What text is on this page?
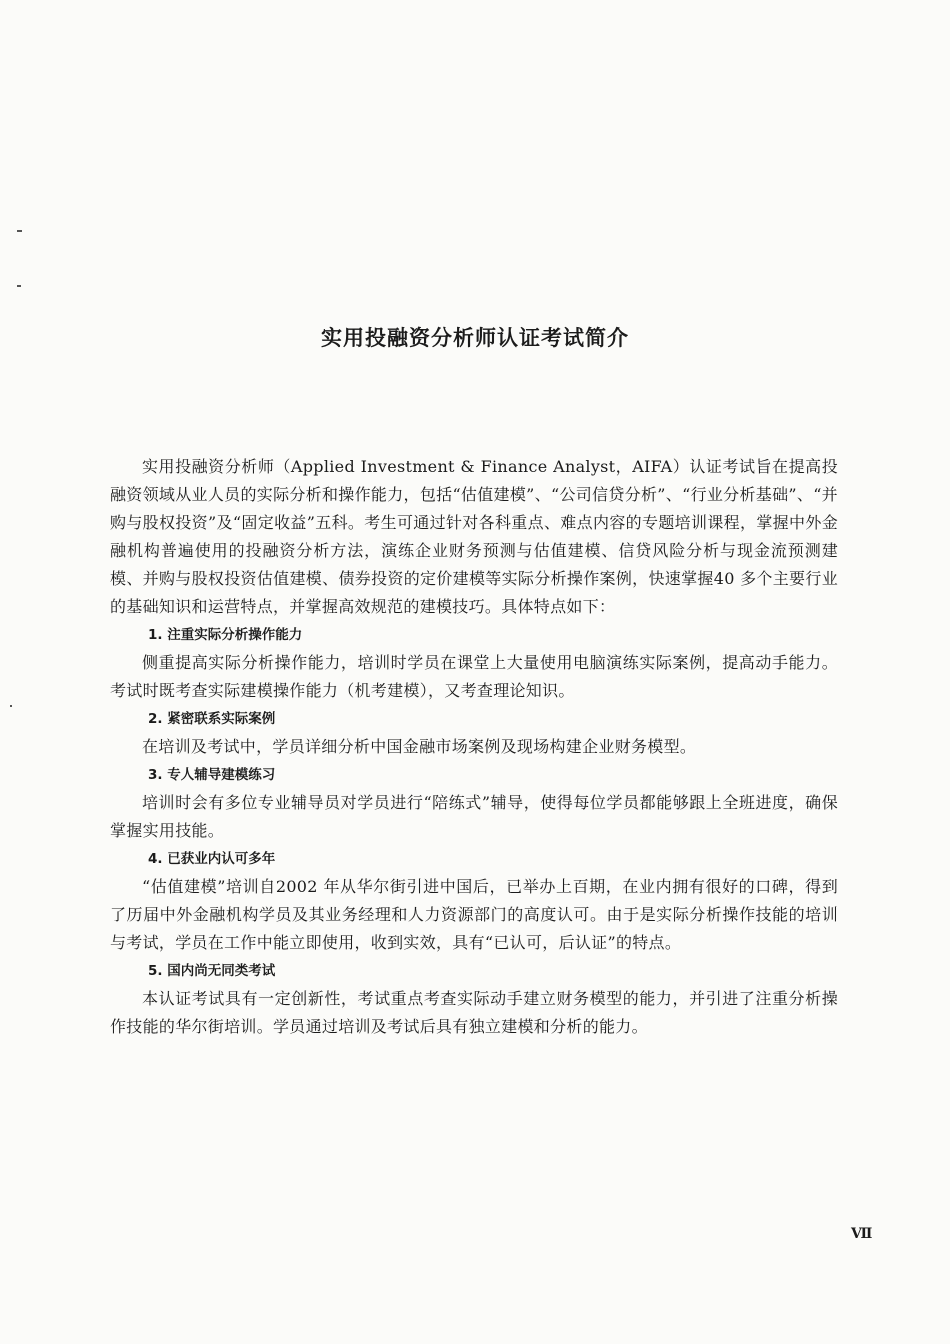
实用投融资分析师认证考试简介

实用投融资分析师（Applied Investment & Finance Analyst，AIFA）认证考试旨在提高投融资领域从业人员的实际分析和操作能力，包括“估值建模”、“公司信贷分析”、“行业分析基础”、“并购与股权投资”及“固定收益”五科。考生可通过针对各科重点、难点内容的专题培训课程，掌握中外金融机构普遍使用的投融资分析方法，演练企业财务预测与估值建模、信贷风险分析与现金流预测建模、并购与股权投资估值建模、债券投资的定价建模等实际分析操作案例，快速掌握40 多个主要行业的基础知识和运营特点，并掌握高效规范的建模技巧。具体特点如下：

1. 注重实际分析操作能力

侧重提高实际分析操作能力，培训时学员在课堂上大量使用电脑演练实际案例，提高动手能力。考试时既考查实际建模操作能力（机考建模），又考查理论知识。

2. 紧密联系实际案例

在培训及考试中，学员详细分析中国金融市场案例及现场构建企业财务模型。

3. 专人辅导建模练习

培训时会有多位专业辅导员对学员进行“陪练式”辅导，使得每位学员都能够跟上全班进度，确保掌握实用技能。

4. 已获业内认可多年

“估值建模”培训自2002 年从华尔街引进中国后，已举办上百期，在业内拥有很好的口碑，得到了历届中外金融机构学员及其业务经理和人力资源部门的高度认可。由于是实际分析操作技能的培训与考试，学员在工作中能立即使用，收到实效，具有“已认可，后认证”的特点。

5. 国内尚无同类考试

本认证考试具有一定创新性，考试重点考查实际动手建立财务模型的能力，并引进了注重分析操作技能的华尔街培训。学员通过培训及考试后具有独立建模和分析的能力。

Ⅶ
